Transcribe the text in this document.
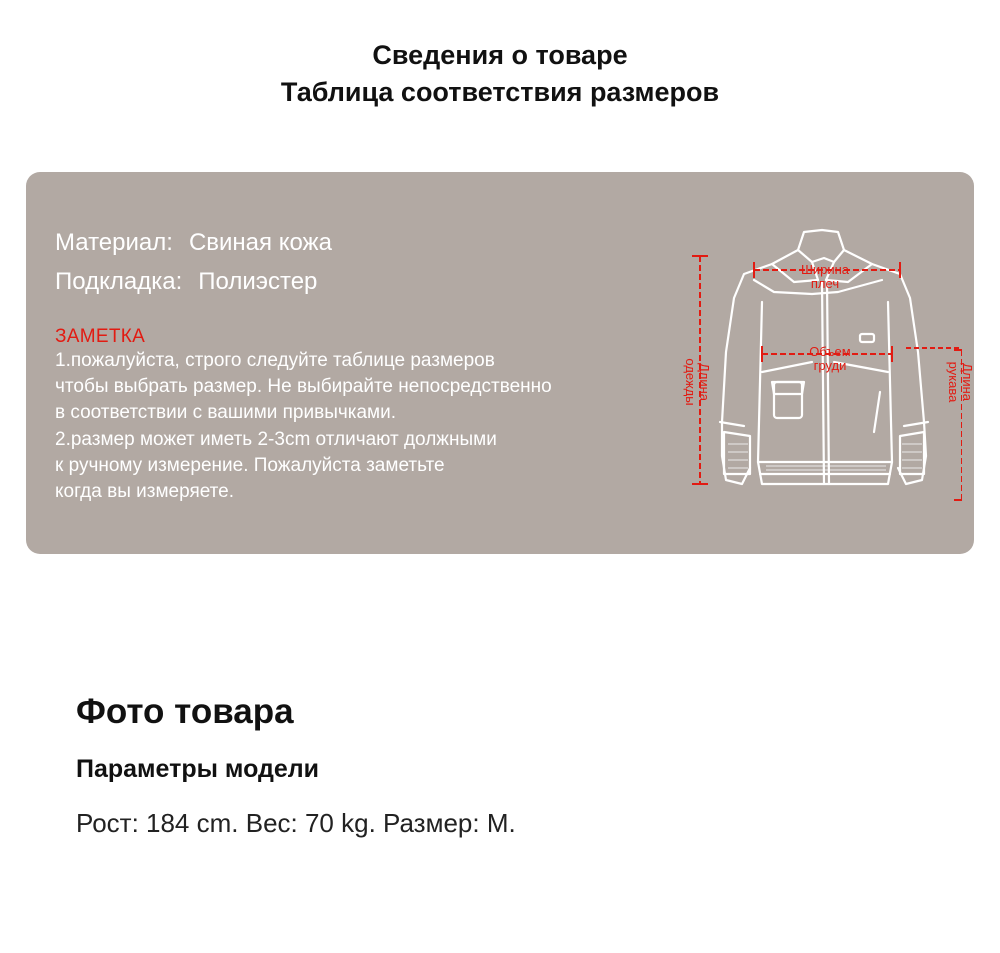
Сведения о товаре
Таблица соответствия размеров
Материал: Свиная кожа
Подкладка: Полиэстер
ЗАМЕТКА
1.пожалуйста, строго следуйте таблице размеров
чтобы выбрать размер. Не выбирайте непосредственно
в соответствии с вашими привычками.
2.размер может иметь 2-3cm отличают должными
к ручному измерение. Пожалуйста заметьте
когда вы измеряете.
Ширина
плеч
Объем
груди
Длина
одежды	Длина
рукава
Фото товара
Параметры модели
Рост: 184 cm. Вес: 70 kg. Размер: M.
